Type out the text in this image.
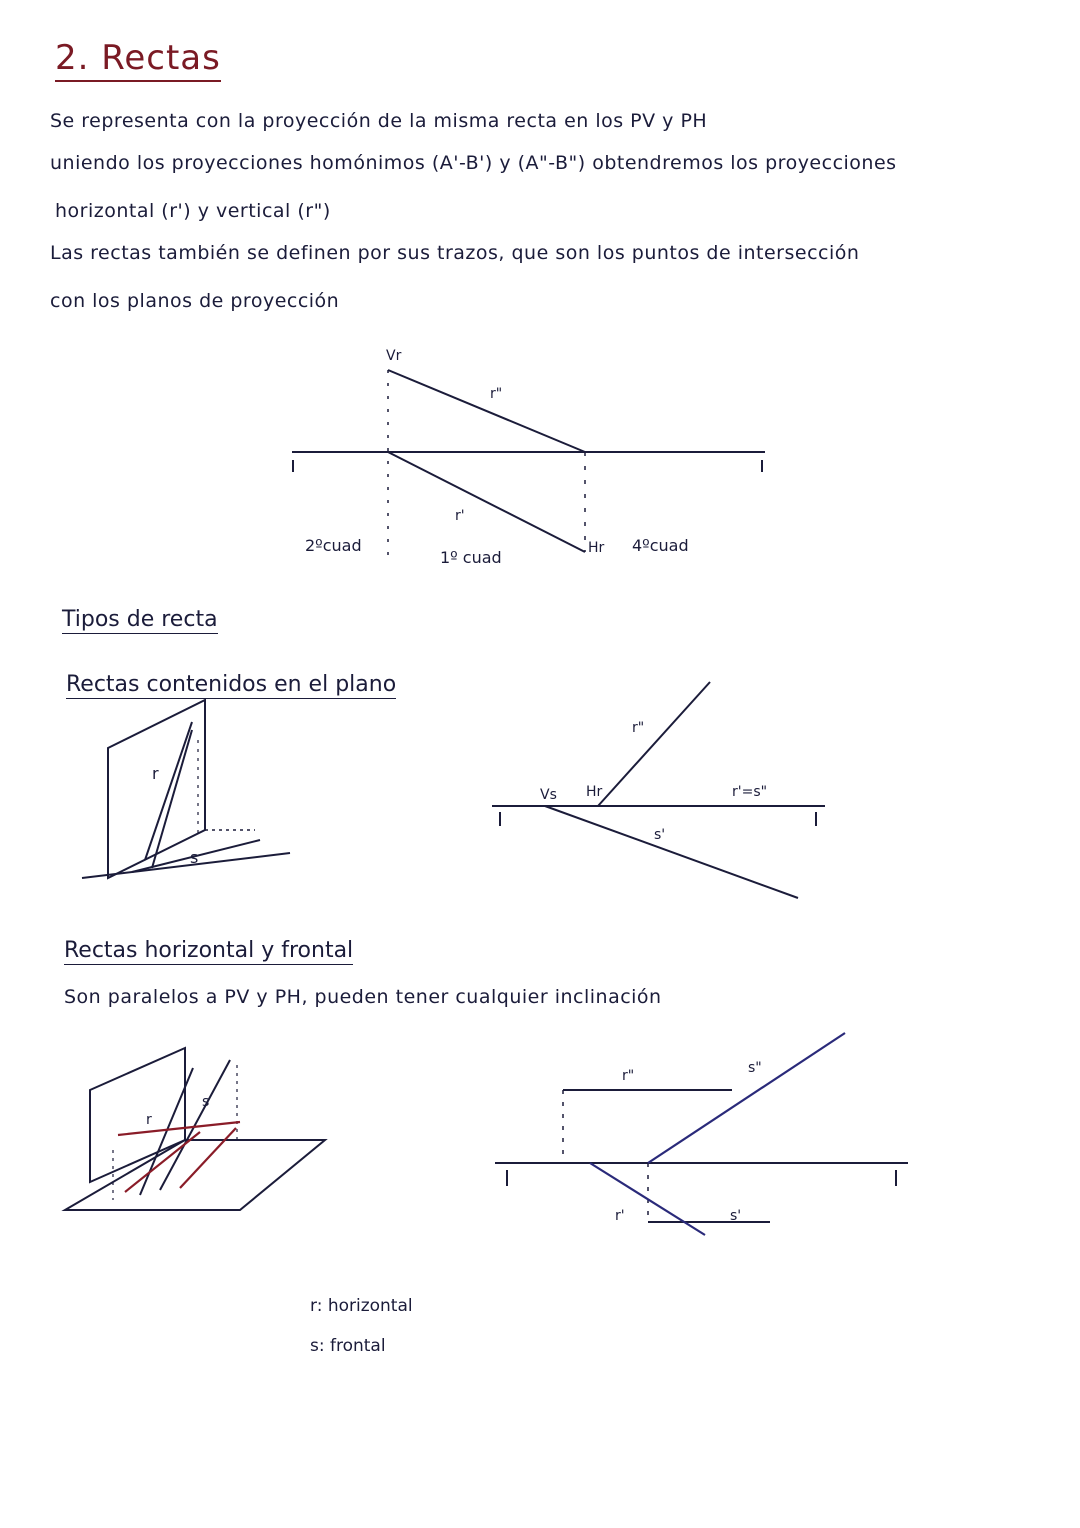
2. Rectas
Se representa con la proyección de la misma recta en los PV y PH
uniendo los proyecciones homónimos (A'-B') y (A"-B") obtendremos los proyecciones
horizontal (r') y vertical (r")
Las rectas también se definen por sus trazos, que son los puntos de intersección
con los planos de proyección
Vr
r"
r'
2ºcuad
1º cuad	Hr 4ºcuad
Tipos de recta
Rectas contenidos en el plano
r
s
r"
Vs Hr	r'=s"
s'
Rectas horizontal y frontal
Son paralelos a PV y PH, pueden tener cualquier inclinación
r
s
r"	s"
r'	s'
r: horizontal
s: frontal
